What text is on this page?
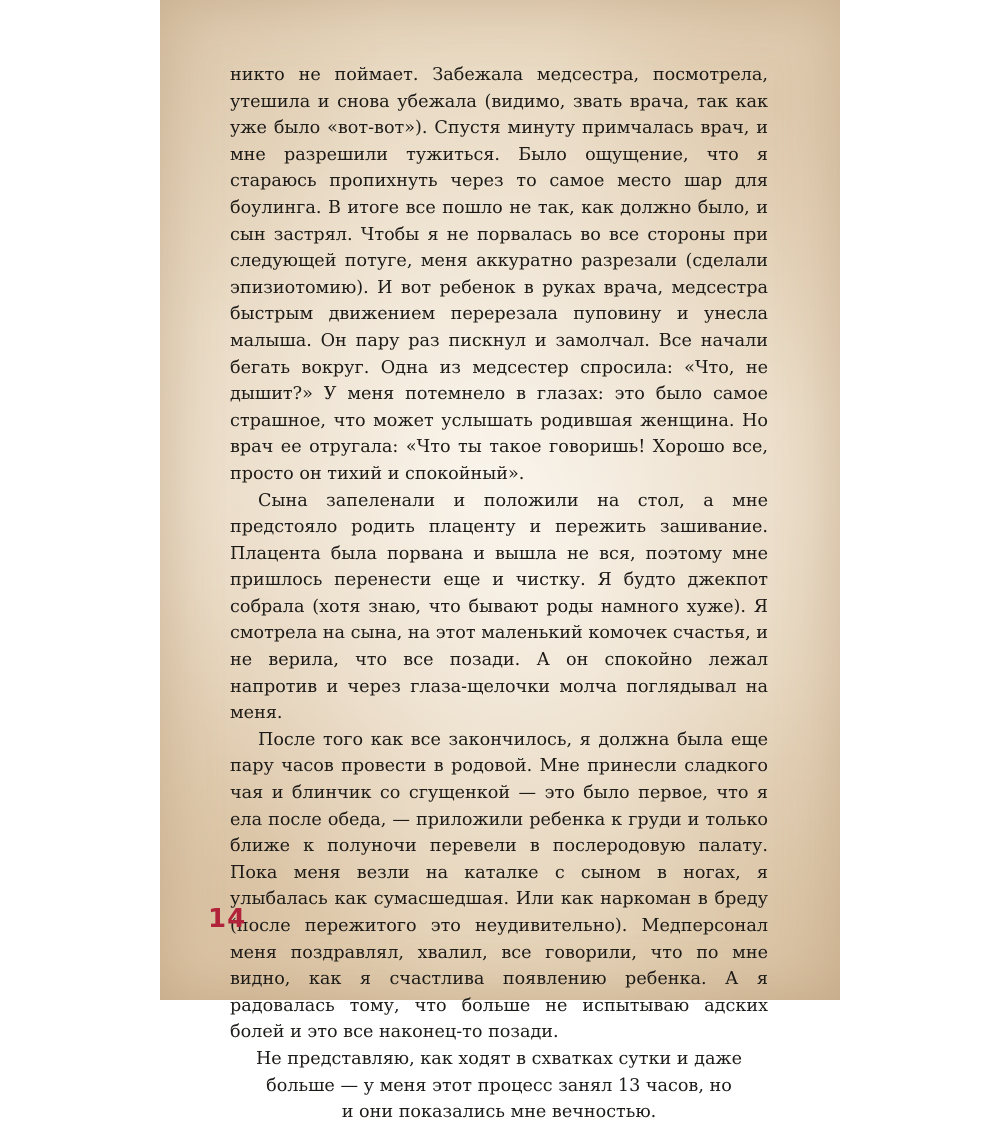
никто не поймает. Забежала медсестра, посмотрела, утешила и снова убежала (видимо, звать врача, так как уже было «вот-вот»). Спустя минуту примчалась врач, и мне разрешили тужиться. Было ощущение, что я стараюсь пропихнуть через то самое место шар для боулинга. В итоге все пошло не так, как должно было, и сын застрял. Чтобы я не порвалась во все стороны при следующей потуге, меня аккуратно разрезали (сделали эпизиотомию). И вот ребенок в руках врача, медсестра быстрым движением перерезала пуповину и унесла малыша. Он пару раз пискнул и замолчал. Все начали бегать вокруг. Одна из медсестер спросила: «Что, не дышит?» У меня потемнело в глазах: это было самое страшное, что может услышать родившая женщина. Но врач ее отругала: «Что ты такое говоришь! Хорошо все, просто он тихий и спокойный».

Сына запеленали и положили на стол, а мне предстояло родить плаценту и пережить зашивание. Плацента была порвана и вышла не вся, поэтому мне пришлось перенести еще и чистку. Я будто джекпот собрала (хотя знаю, что бывают роды намного хуже). Я смотрела на сына, на этот маленький комочек счастья, и не верила, что все позади. А он спокойно лежал напротив и через глаза-щелочки молча поглядывал на меня.

После того как все закончилось, я должна была еще пару часов провести в родовой. Мне принесли сладкого чая и блинчик со сгущенкой — это было первое, что я ела после обеда, — приложили ребенка к груди и только ближе к полуночи перевели в послеродовую палату. Пока меня везли на каталке с сыном в ногах, я улыбалась как сумасшедшая. Или как наркоман в бреду (после пережитого это неудивительно). Медперсонал меня поздравлял, хвалил, все говорили, что по мне видно, как я счастлива появлению ребенка. А я радовалась тому, что больше не испытываю адских болей и это все наконец-то позади.

Не представляю, как ходят в схватках сутки и даже
больше — у меня этот процесс занял 13 часов, но
и они показались мне вечностью.

14
